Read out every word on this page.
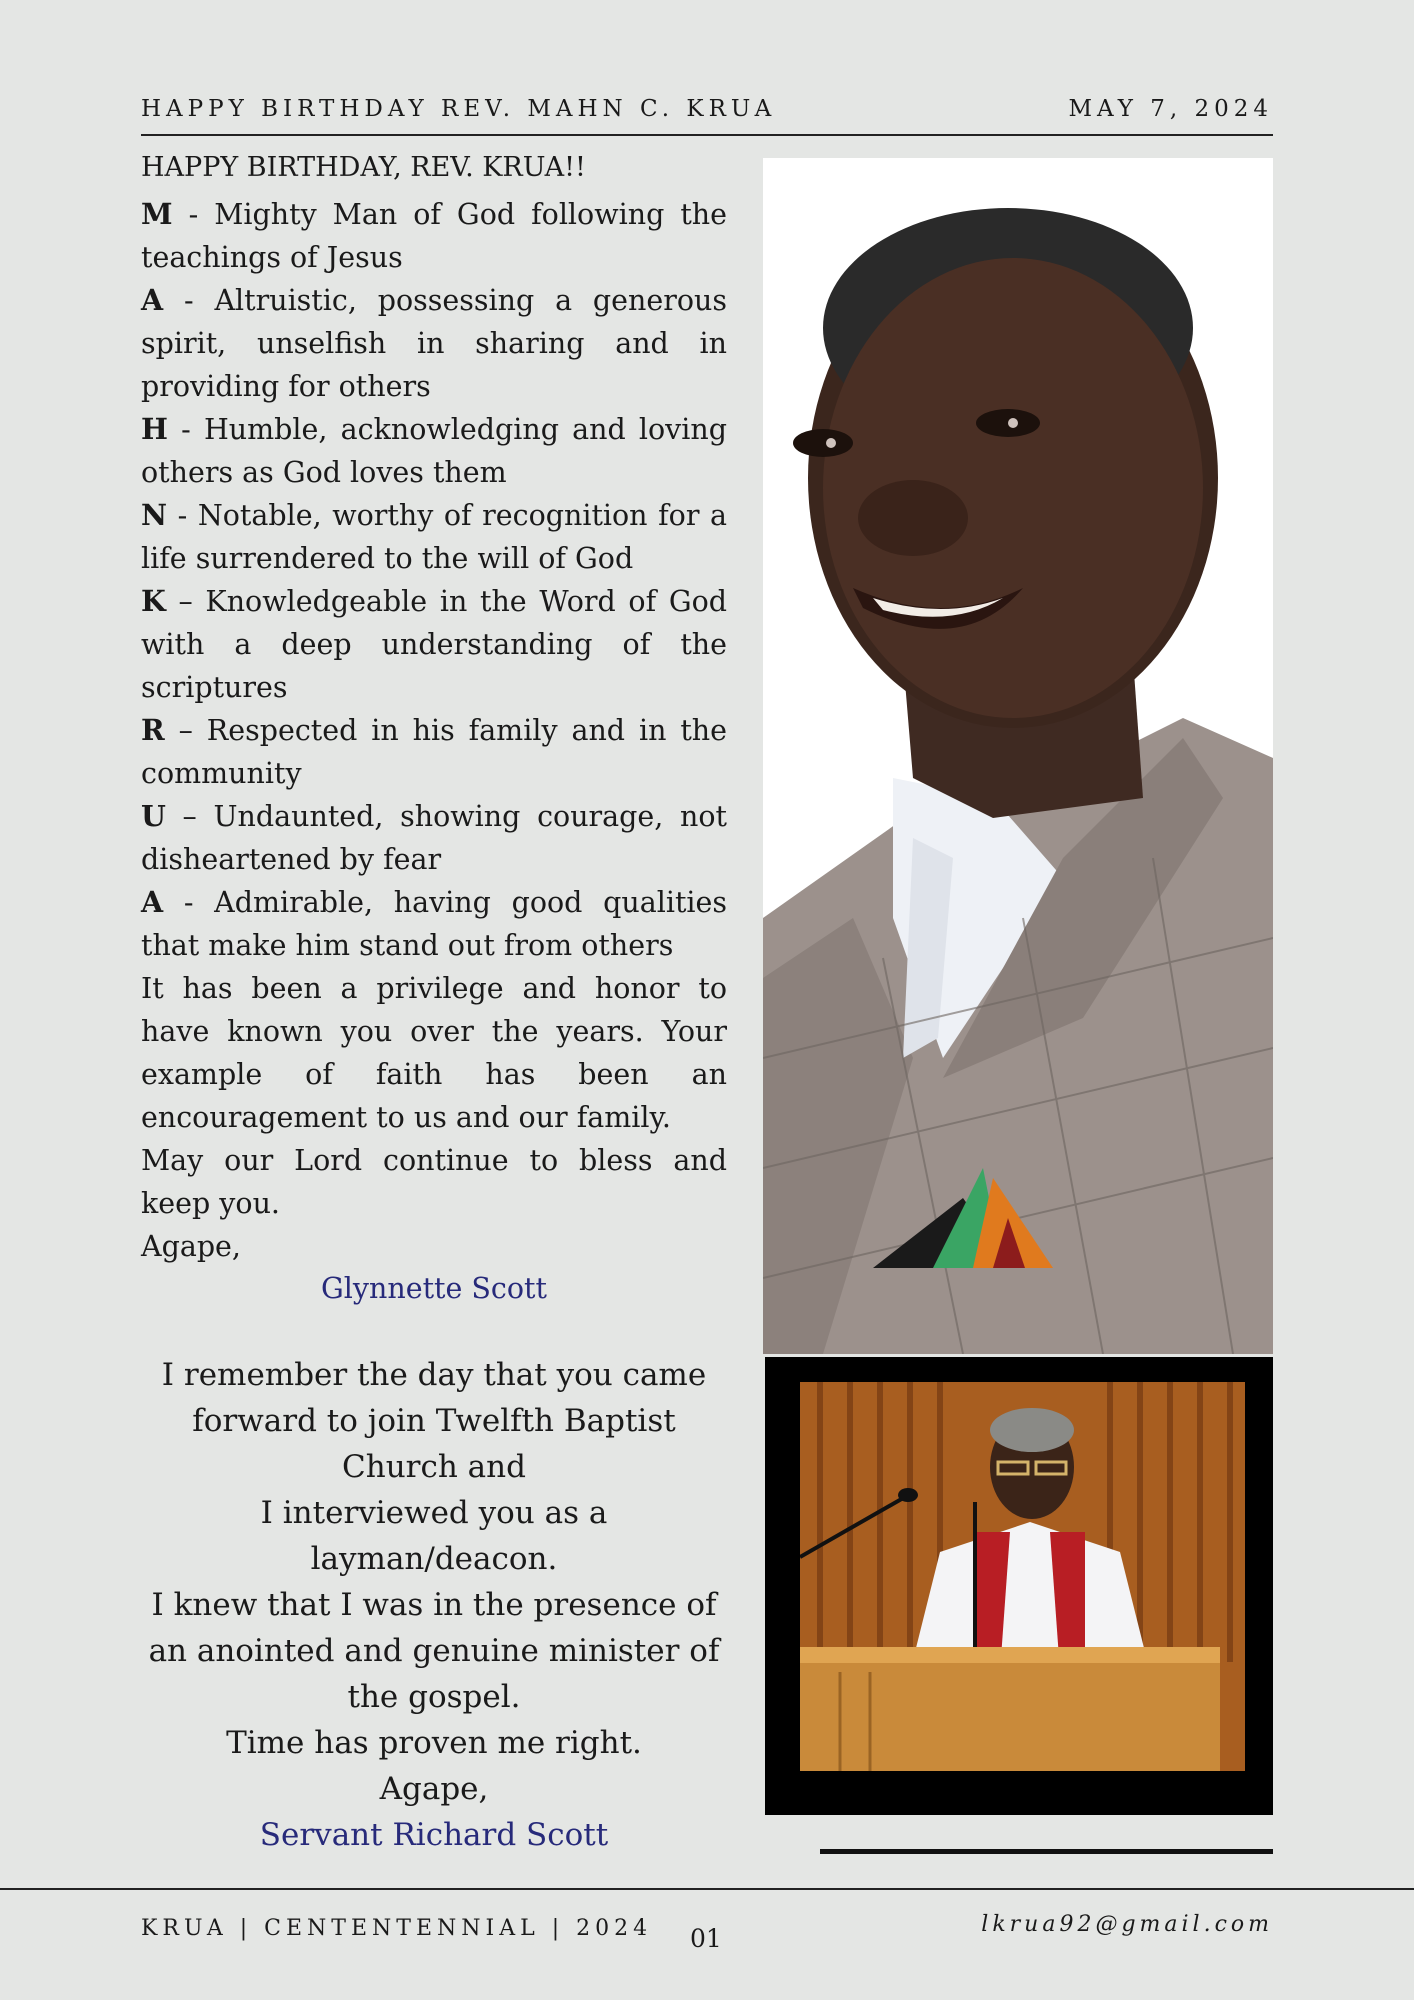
HAPPY BIRTHDAY REV. MAHN C. KRUA	MAY 7, 2024
HAPPY BIRTHDAY, REV. KRUA!!

M - Mighty Man of God following the teachings of Jesus

A - Altruistic, possessing a generous spirit, unselfish in sharing and in providing for others

H - Humble, acknowledging and loving others as God loves them

N - Notable, worthy of recognition for a life surrendered to the will of God

K – Knowledgeable in the Word of God with a deep understanding of the scriptures

R – Respected in his family and in the community

U – Undaunted, showing courage, not disheartened by fear

A - Admirable, having good qualities that make him stand out from others

It has been a privilege and honor to have known you over the years. Your example of faith has been an encouragement to us and our family.

May our Lord continue to bless and keep you.

Agape,

Glynnette Scott

I remember the day that you came forward to join Twelfth Baptist Church and

I interviewed you as a layman/deacon.

I knew that I was in the presence of an anointed and genuine minister of the gospel.

Time has proven me right.

Agape,

Servant Richard Scott

KRUA | CENTENTENNIAL | 2024 01	lkrua92@gmail.com
